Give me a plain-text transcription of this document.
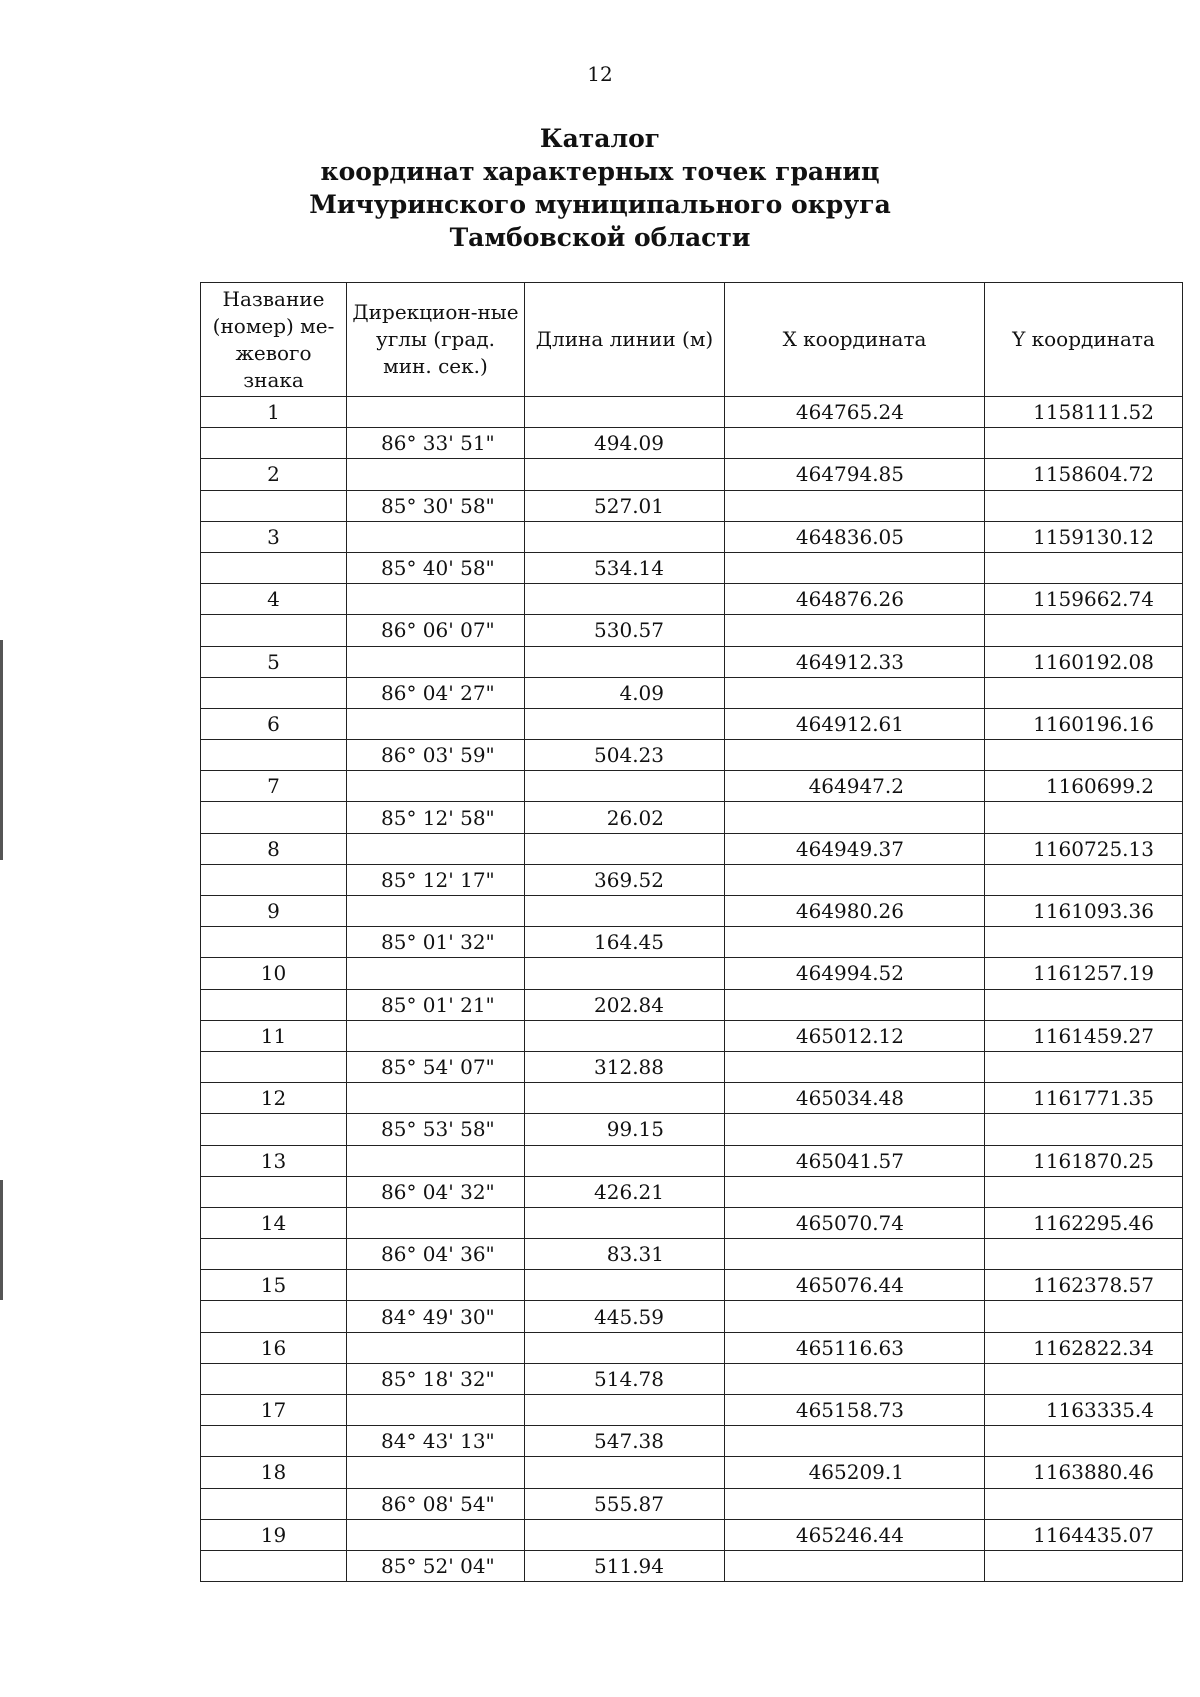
12
Каталог
координат характерных точек границ
Мичуринского муниципального округа
Тамбовской области
Название (номер) ме-жевого знака	Дирекцион-ные углы (град. мин. сек.)	Длина линии (м)	X координата	Y координата
1			464765.24	1158111.52
	86° 33' 51"	494.09		
2			464794.85	1158604.72
	85° 30' 58"	527.01		
3			464836.05	1159130.12
	85° 40' 58"	534.14		
4			464876.26	1159662.74
	86° 06' 07"	530.57		
5			464912.33	1160192.08
	86° 04' 27"	4.09		
6			464912.61	1160196.16
	86° 03' 59"	504.23		
7			464947.2	1160699.2
	85° 12' 58"	26.02		
8			464949.37	1160725.13
	85° 12' 17"	369.52		
9			464980.26	1161093.36
	85° 01' 32"	164.45		
10			464994.52	1161257.19
	85° 01' 21"	202.84		
11			465012.12	1161459.27
	85° 54' 07"	312.88		
12			465034.48	1161771.35
	85° 53' 58"	99.15		
13			465041.57	1161870.25
	86° 04' 32"	426.21		
14			465070.74	1162295.46
	86° 04' 36"	83.31		
15			465076.44	1162378.57
	84° 49' 30"	445.59		
16			465116.63	1162822.34
	85° 18' 32"	514.78		
17			465158.73	1163335.4
	84° 43' 13"	547.38		
18			465209.1	1163880.46
	86° 08' 54"	555.87		
19			465246.44	1164435.07
	85° 52' 04"	511.94		
